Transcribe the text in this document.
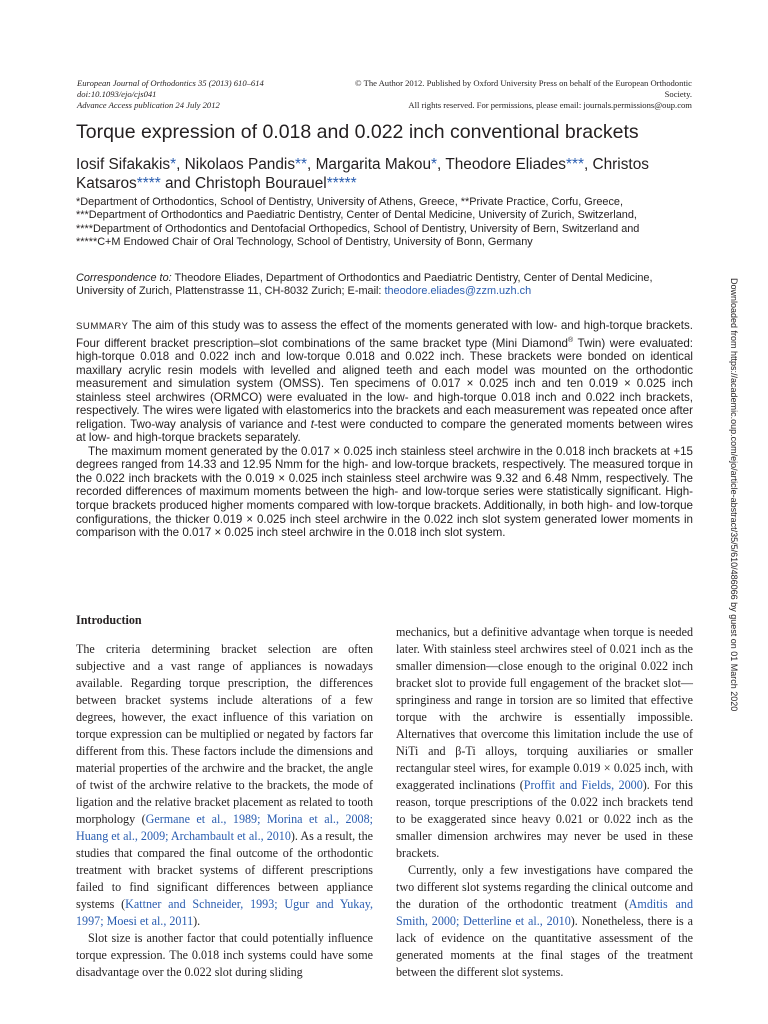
European Journal of Orthodontics 35 (2013) 610–614
doi:10.1093/ejo/cjs041
Advance Access publication 24 July 2012
© The Author 2012. Published by Oxford University Press on behalf of the European Orthodontic Society.
All rights reserved. For permissions, please email: journals.permissions@oup.com
Torque expression of 0.018 and 0.022 inch conventional brackets
Iosif Sifakakis*, Nikolaos Pandis**, Margarita Makou*, Theodore Eliades***, Christos Katsaros**** and Christoph Bourauel*****
*Department of Orthodontics, School of Dentistry, University of Athens, Greece, **Private Practice, Corfu, Greece, ***Department of Orthodontics and Paediatric Dentistry, Center of Dental Medicine, University of Zurich, Switzerland, ****Department of Orthodontics and Dentofacial Orthopedics, School of Dentistry, University of Bern, Switzerland and *****C+M Endowed Chair of Oral Technology, School of Dentistry, University of Bonn, Germany
Correspondence to: Theodore Eliades, Department of Orthodontics and Paediatric Dentistry, Center of Dental Medicine, University of Zurich, Plattenstrasse 11, CH-8032 Zurich; E-mail: theodore.eliades@zzm.uzh.ch	Downloaded from https://academic.oup.com/ejo/article-abstract/35/5/610/486066 by guest on 01 March 2020

SUMMARY The aim of this study was to assess the effect of the moments generated with low- and high-torque brackets. Four different bracket prescription–slot combinations of the same bracket type (Mini Diamond® Twin) were evaluated: high-torque 0.018 and 0.022 inch and low-torque 0.018 and 0.022 inch. These brackets were bonded on identical maxillary acrylic resin models with levelled and aligned teeth and each model was mounted on the orthodontic measurement and simulation system (OMSS). Ten specimens of 0.017 × 0.025 inch and ten 0.019 × 0.025 inch stainless steel archwires (ORMCO) were evaluated in the low- and high-torque 0.018 inch and 0.022 inch brackets, respectively. The wires were ligated with elastomerics into the brackets and each measurement was repeated once after religation. Two-way analysis of variance and t-test were conducted to compare the generated moments between wires at low- and high-torque brackets separately.

The maximum moment generated by the 0.017 × 0.025 inch stainless steel archwire in the 0.018 inch brackets at +15 degrees ranged from 14.33 and 12.95 Nmm for the high- and low-torque brackets, respectively. The measured torque in the 0.022 inch brackets with the 0.019 × 0.025 inch stainless steel archwire was 9.32 and 6.48 Nmm, respectively. The recorded differences of maximum moments between the high- and low-torque series were statistically significant. High-torque brackets produced higher moments compared with low-torque brackets. Additionally, in both high- and low-torque configurations, the thicker 0.019 × 0.025 inch steel archwire in the 0.022 inch slot system generated lower moments in comparison with the 0.017 × 0.025 inch steel archwire in the 0.018 inch slot system.

Introduction

The criteria determining bracket selection are often subjective and a vast range of appliances is nowadays available. Regarding torque prescription, the differences between bracket systems include alterations of a few degrees, however, the exact influence of this variation on torque expression can be multiplied or negated by factors far different from this. These factors include the dimensions and material properties of the archwire and the bracket, the angle of twist of the archwire relative to the brackets, the mode of ligation and the relative bracket placement as related to tooth morphology (Germane et al., 1989; Morina et al., 2008; Huang et al., 2009; Archambault et al., 2010). As a result, the studies that compared the final outcome of the orthodontic treatment with bracket systems of different prescriptions failed to find significant differences between appliance systems (Kattner and Schneider, 1993; Ugur and Yukay, 1997; Moesi et al., 2011).

Slot size is another factor that could potentially influence torque expression. The 0.018 inch systems could have some disadvantage over the 0.022 slot during sliding

mechanics, but a definitive advantage when torque is needed later. With stainless steel archwires steel of 0.021 inch as the smaller dimension—close enough to the original 0.022 inch bracket slot to provide full engagement of the bracket slot—springiness and range in torsion are so limited that effective torque with the archwire is essentially impossible. Alternatives that overcome this limitation include the use of NiTi and β-Ti alloys, torquing auxiliaries or smaller rectangular steel wires, for example 0.019 × 0.025 inch, with exaggerated inclinations (Proffit and Fields, 2000). For this reason, torque prescriptions of the 0.022 inch brackets tend to be exaggerated since heavy 0.021 or 0.022 inch as the smaller dimension archwires may never be used in these brackets.

Currently, only a few investigations have compared the two different slot systems regarding the clinical outcome and the duration of the orthodontic treatment (Amditis and Smith, 2000; Detterline et al., 2010). Nonetheless, there is a lack of evidence on the quantitative assessment of the generated moments at the final stages of the treatment between the different slot systems.
